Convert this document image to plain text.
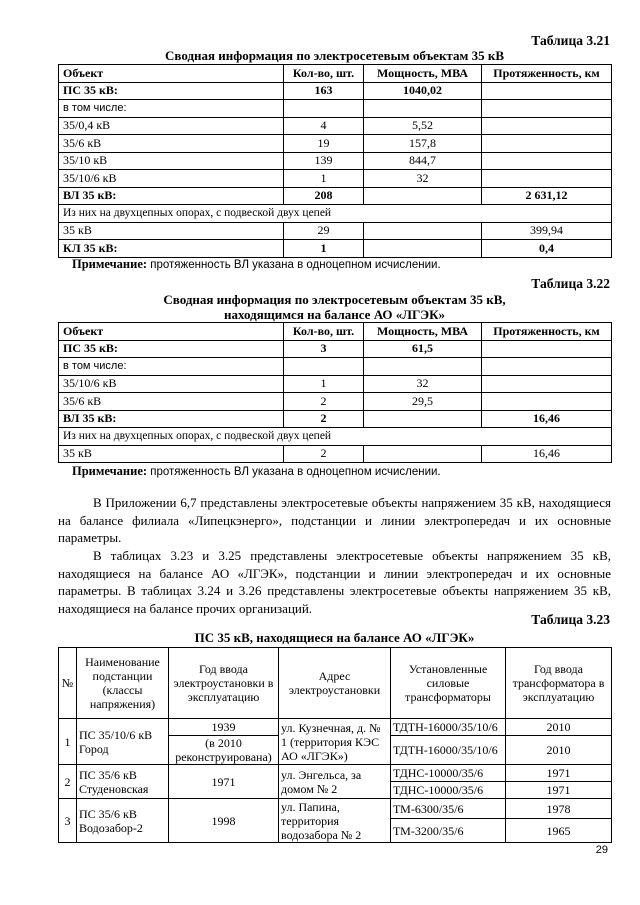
Таблица 3.21
Сводная информация по электросетевым объектам 35 кВ
Объект	Кол-во, шт.	Мощность, МВА	Протяженность, км
ПС 35 кВ:	163	1040,02	
в том числе:			
35/0,4 кВ	4	5,52	
35/6 кВ	19	157,8	
35/10 кВ	139	844,7	
35/10/6 кВ	1	32	
ВЛ 35 кВ:	208		2 631,12
Из них на двухцепных опорах, с подвеской двух цепей			
35 кВ	29		399,94
КЛ 35 кВ:	1		0,4
Примечание: протяженность ВЛ указана в одноцепном исчислении.
Таблица 3.22
Сводная информация по электросетевым объектам 35 кВ,
находящимся на балансе АО «ЛГЭК»
Объект	Кол-во, шт.	Мощность, МВА	Протяженность, км
ПС 35 кВ:	3	61,5	
в том числе:			
35/10/6 кВ	1	32	
35/6 кВ	2	29,5	
ВЛ 35 кВ:	2		16,46
Из них на двухцепных опорах, с подвеской двух цепей			
35 кВ	2		16,46
Примечание: протяженность ВЛ указана в одноцепном исчислении.

В Приложении 6,7 представлены электросетевые объекты напряжением 35 кВ, находящиеся на балансе филиала «Липецкэнерго», подстанции и линии электропередач и их основные параметры.

В таблицах 3.23 и 3.25 представлены электросетевые объекты напряжением 35 кВ, находящиеся на балансе АО «ЛГЭК», подстанции и линии электропередач и их основные параметры. В таблицах 3.24 и 3.26 представлены электросетевые объекты напряжением 35 кВ, находящиеся на балансе прочих организаций.

Таблица 3.23
ПС 35 кВ, находящиеся на балансе АО «ЛГЭК»
№	Наименование подстанции (классы напряжения)	Год ввода электроустановки в эксплуатацию	Адрес электроустановки	Установленные силовые трансформаторы	Год ввода трансформатора в эксплуатацию
1	ПС 35/10/6 кВ Город	1939	ул. Кузнечная, д. № 1 (территория КЭС АО «ЛГЭК»)	ТДТН-16000/35/10/6	2010
		(в 2010 реконструирована)		ТДТН-16000/35/10/6	2010
2	ПС 35/6 кВ Студеновская	1971	ул. Энгельса, за домом № 2	ТДНС-10000/35/6	1971
				ТДНС-10000/35/6	1971
3	ПС 35/6 кВ Водозабор-2	1998	ул. Папина, территория водозабора № 2	ТМ-6300/35/6	1978
				ТМ-3200/35/6	1965
29
